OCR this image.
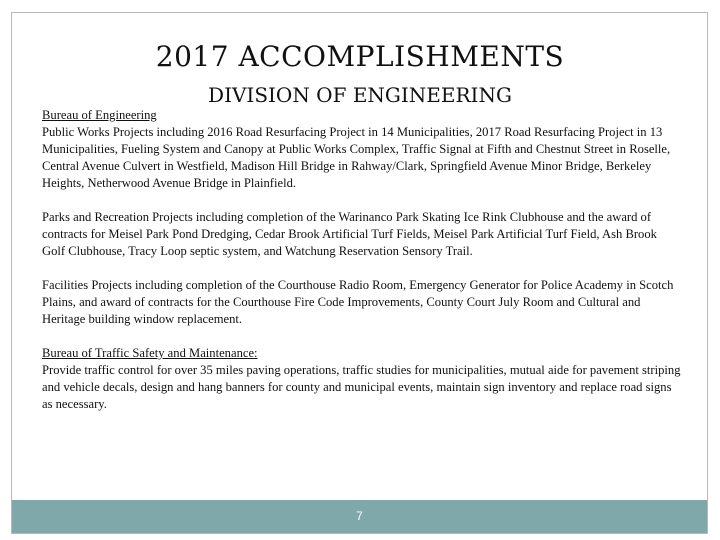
2017 ACCOMPLISHMENTS
DIVISION OF ENGINEERING

Bureau of Engineering

Public Works Projects including 2016 Road Resurfacing Project in 14 Municipalities, 2017 Road Resurfacing Project in 13 Municipalities, Fueling System and Canopy at Public Works Complex, Traffic Signal at Fifth and Chestnut Street in Roselle, Central Avenue Culvert in Westfield, Madison Hill Bridge in Rahway/Clark, Springfield Avenue Minor Bridge, Berkeley Heights, Netherwood Avenue Bridge in Plainfield.

Parks and Recreation Projects including completion of the Warinanco Park Skating Ice Rink Clubhouse and the award of contracts for Meisel Park Pond Dredging, Cedar Brook Artificial Turf Fields, Meisel Park Artificial Turf Field, Ash Brook Golf Clubhouse, Tracy Loop septic system, and Watchung Reservation Sensory Trail.

Facilities Projects including completion of the Courthouse Radio Room, Emergency Generator for Police Academy in Scotch Plains, and award of contracts for the Courthouse Fire Code Improvements, County Court July Room and Cultural and Heritage building window replacement.

Bureau of Traffic Safety and Maintenance:

Provide traffic control for over 35 miles paving operations, traffic studies for municipalities, mutual aide for pavement striping and vehicle decals, design and hang banners for county and municipal events, maintain sign inventory and replace road signs as necessary.

7
